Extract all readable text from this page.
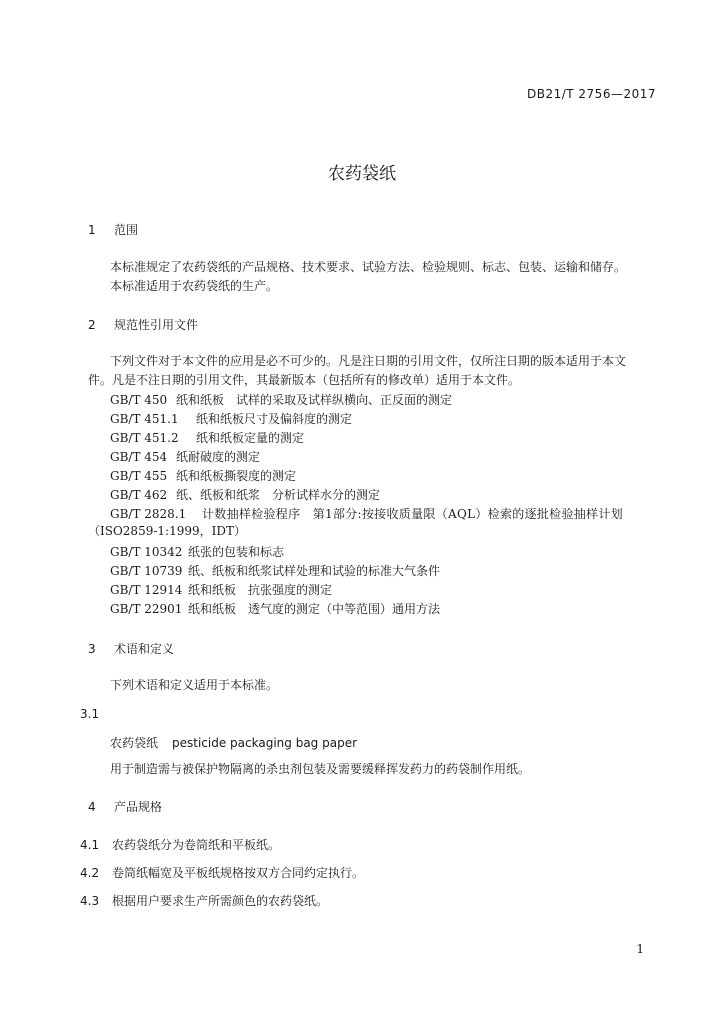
DB21/T 2756—2017
农药袋纸
1 范围
本标准规定了农药袋纸的产品规格、技术要求、试验方法、检验规则、标志、包装、运输和储存。
本标准适用于农药袋纸的生产。
2 规范性引用文件
下列文件对于本文件的应用是必不可少的。凡是注日期的引用文件，仅所注日期的版本适用于本文
件。凡是不注日期的引用文件，其最新版本（包括所有的修改单）适用于本文件。
GB/T 450 纸和纸板　试样的采取及试样纵横向、正反面的测定
GB/T 451.1 纸和纸板尺寸及偏斜度的测定
GB/T 451.2 纸和纸板定量的测定
GB/T 454 纸耐破度的测定
GB/T 455 纸和纸板撕裂度的测定
GB/T 462 纸、纸板和纸浆　分析试样水分的测定
GB/T 2828.1 计数抽样检验程序　第1部分:按接收质量限（AQL）检索的逐批检验抽样计划
（ISO2859-1:1999，IDT）
GB/T 10342 纸张的包装和标志
GB/T 10739 纸、纸板和纸浆试样处理和试验的标准大气条件
GB/T 12914 纸和纸板　抗张强度的测定
GB/T 22901 纸和纸板　透气度的测定（中等范围）通用方法
3 术语和定义
下列术语和定义适用于本标准。
3.1
农药袋纸 pesticide packaging bag paper
用于制造需与被保护物隔离的杀虫剂包装及需要缓释挥发药力的药袋制作用纸。
4 产品规格
4.1 农药袋纸分为卷筒纸和平板纸。
4.2 卷筒纸幅宽及平板纸规格按双方合同约定执行。
4.3 根据用户要求生产所需颜色的农药袋纸。
1
